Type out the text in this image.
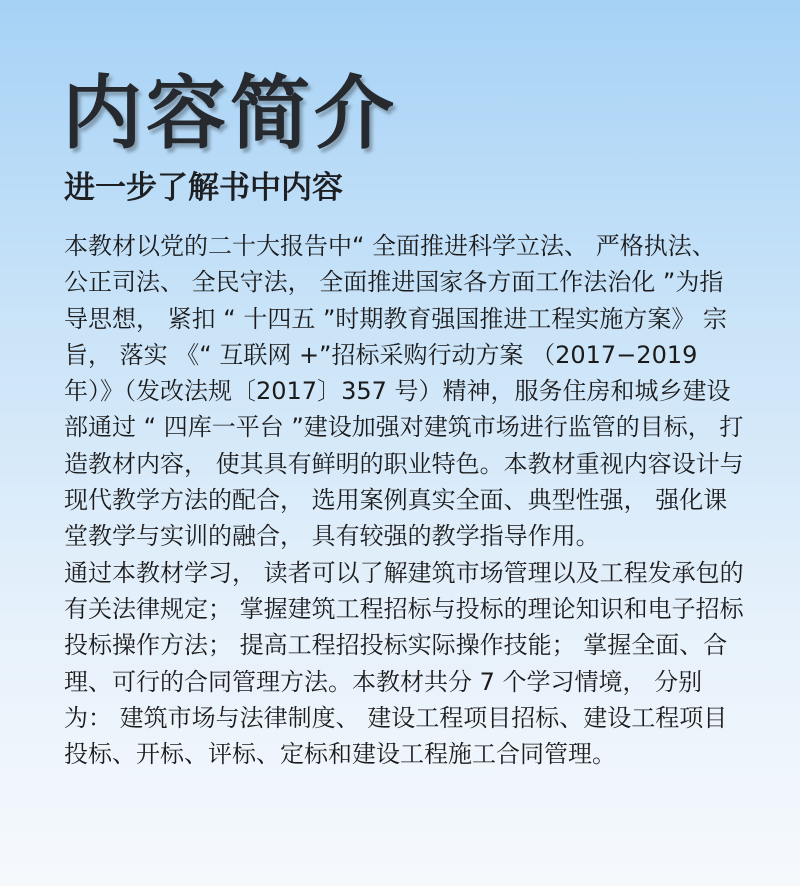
内容简介
进一步了解书中内容

本教材以党的二十大报告中“ 全面推进科学立法、 严格执法、 公正司法、 全民守法， 全面推进国家各方面工作法治化 ”为指导思想， 紧扣 “ 十四五 ”时期教育强国推进工程实施方案》 宗旨， 落实 《“ 互联网 +”招标采购行动方案 （2017−2019 年）》（发改法规〔2017〕357 号）精神，服务住房和城乡建设部通过 “ 四库一平台 ”建设加强对建筑市场进行监管的目标， 打造教材内容， 使其具有鲜明的职业特色。本教材重视内容设计与现代教学方法的配合， 选用案例真实全面、典型性强， 强化课堂教学与实训的融合， 具有较强的教学指导作用。

通过本教材学习， 读者可以了解建筑市场管理以及工程发承包的有关法律规定； 掌握建筑工程招标与投标的理论知识和电子招标投标操作方法； 提高工程招投标实际操作技能； 掌握全面、合理、可行的合同管理方法。本教材共分 7 个学习情境， 分别为： 建筑市场与法律制度、 建设工程项目招标、建设工程项目投标、开标、评标、定标和建设工程施工合同管理。
